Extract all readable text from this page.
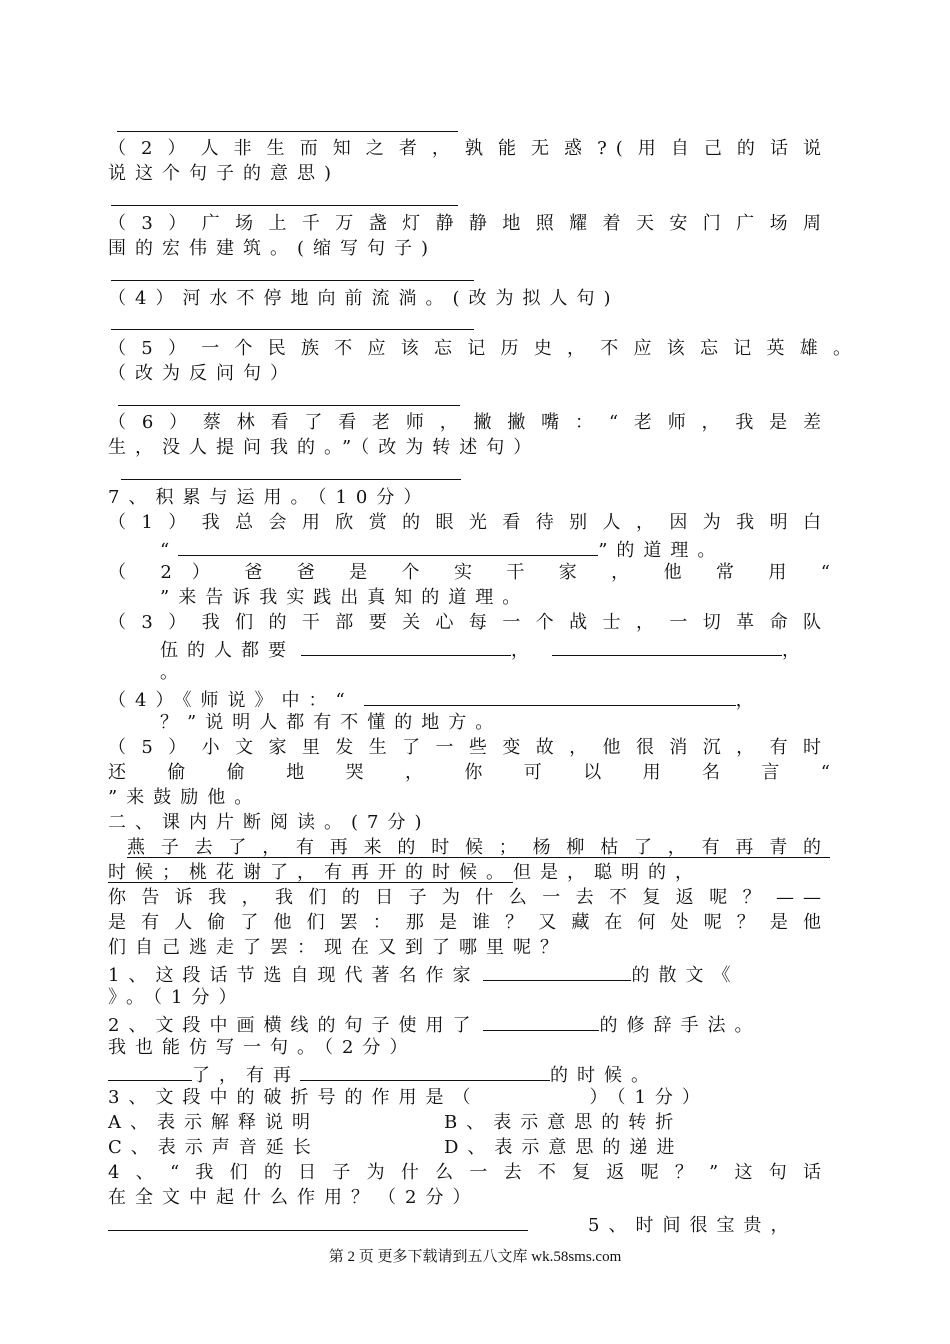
（2）人非生而知之者，孰能无惑?(用自己的话说
说这个句子的意思)
（3）广场上千万盏灯静静地照耀着天安门广场周
围的宏伟建筑。(缩写句子)
（4）河水不停地向前流淌。(改为拟人句)
（5）一个民族不应该忘记历史，不应该忘记英雄。
（改为反问句）
（6）蔡林看了看老师，撇撇嘴：“老师，我是差
生，没人提问我的。”（改为转述句）
7、积累与运用。（10分）
（1）我总会用欣赏的眼光看待别人，因为我明白
“	”的道理。
（ 2 ） 爸 爸 是 个 实 干 家 ， 他 常 用 “
”来告诉我实践出真知的道理。
（3）我们的干部要关心每一个战士，一切革命队
伍的人都要	，	，
。
（4）《师说》中：“	，
？”说明人都有不懂的地方。
（5）小文家里发生了一些变故，他很消沉，有时
还 偷 偷 地 哭 ， 你 可 以 用 名 言 “
”来鼓励他。
二、课内片断阅读。(7分)
燕子去了，有再来的时候；杨柳枯了，有再青的
时候；桃花谢了，有再开的时候。但是，聪明的，
你告诉我，我们的日子为什么一去不复返呢？——
是有人偷了他们罢：那是谁？又藏在何处呢？是他
们自己逃走了罢：现在又到了哪里呢？
1、这段话节选自现代著名作家	的散文《
》。（1分）
2、文段中画横线的句子使用了	的修辞手法。
我也能仿写一句。（2分）
了，有再	的时候。
3、文段中的破折号的作用是（	）（1分）
A、表示解释说明	B、表示意思的转折
C、表示声音延长	D、表示意思的递进
4、“我们的日子为什么一去不复返呢？”这句话
在全文中起什么作用？（2分）
5、时间很宝贵，
第 2 页 更多下载请到五八文库 wk.58sms.com
